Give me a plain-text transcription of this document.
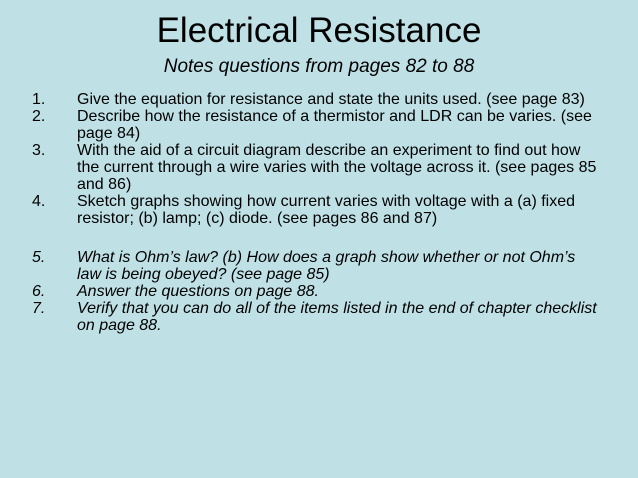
Electrical Resistance
Notes questions from pages 82 to 88
1.	Give the equation for resistance and state the units used. (see page 83)
2.	Describe how the resistance of a thermistor and LDR can be varies. (see page 84)
3.	With the aid of a circuit diagram describe an experiment to find out how the current through a wire varies with the voltage across it. (see pages 85 and 86)
4.	Sketch graphs showing how current varies with voltage with a (a) fixed resistor; (b) lamp; (c) diode. (see pages 86 and 87)
5.	What is Ohm’s law? (b) How does a graph show whether or not Ohm’s law is being obeyed? (see page 85)
6.	Answer the questions on page 88.
7.	Verify that you can do all of the items listed in the end of chapter checklist on page 88.
